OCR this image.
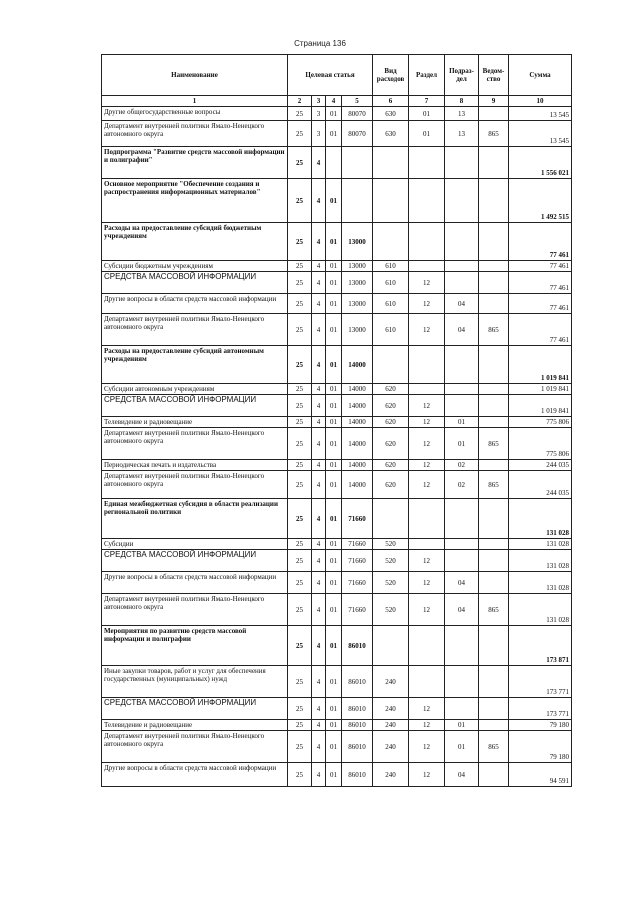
Страница 136
Наименование	Целевая статья				Вид расходов	Раздел	Подраз-дел	Ведом-ство	Сумма
1	2	3	4	5	6	7	8	9	10
Другие общегосударственные вопросы	25	3	01	80070	630	01	13		13 545
Департамент внутренней политики Ямало-Ненецкого автономного округа	25	3	01	80070	630	01	13	865	13 545
Подпрограмма "Развитие средств массовой информации и полиграфии"	25	4							1 556 021
Основное мероприятие "Обеспечение создания и распространения информационных материалов"	25	4	01						1 492 515
Расходы на предоставление субсидий бюджетным учреждениям	25	4	01	13000					77 461
Субсидии бюджетным учреждениям	25	4	01	13000	610				77 461
СРЕДСТВА МАССОВОЙ ИНФОРМАЦИИ	25	4	01	13000	610	12			77 461
Другие вопросы в области средств массовой информации	25	4	01	13000	610	12	04		77 461
Департамент внутренней политики Ямало-Ненецкого автономного округа	25	4	01	13000	610	12	04	865	77 461
Расходы на предоставление субсидий автономным учреждениям	25	4	01	14000					1 019 841
Субсидии автономным учреждениям	25	4	01	14000	620				1 019 841
СРЕДСТВА МАССОВОЙ ИНФОРМАЦИИ	25	4	01	14000	620	12			1 019 841
Телевидение и радиовещание	25	4	01	14000	620	12	01		775 806
Департамент внутренней политики Ямало-Ненецкого автономного округа	25	4	01	14000	620	12	01	865	775 806
Периодическая печать и издательства	25	4	01	14000	620	12	02		244 035
Департамент внутренней политики Ямало-Ненецкого автономного округа	25	4	01	14000	620	12	02	865	244 035
Единая межбюджетная субсидия в области реализации региональной политики	25	4	01	71660					131 028
Субсидии	25	4	01	71660	520				131 028
СРЕДСТВА МАССОВОЙ ИНФОРМАЦИИ	25	4	01	71660	520	12			131 028
Другие вопросы в области средств массовой информации	25	4	01	71660	520	12	04		131 028
Департамент внутренней политики Ямало-Ненецкого автономного округа	25	4	01	71660	520	12	04	865	131 028
Мероприятия по развитию средств массовой информации и полиграфии	25	4	01	86010					173 871
Иные закупки товаров, работ и услуг для обеспечения государственных (муниципальных) нужд	25	4	01	86010	240				173 771
СРЕДСТВА МАССОВОЙ ИНФОРМАЦИИ	25	4	01	86010	240	12			173 771
Телевидение и радиовещание	25	4	01	86010	240	12	01		79 180
Департамент внутренней политики Ямало-Ненецкого автономного округа	25	4	01	86010	240	12	01	865	79 180
Другие вопросы в области средств массовой информации	25	4	01	86010	240	12	04		94 591
